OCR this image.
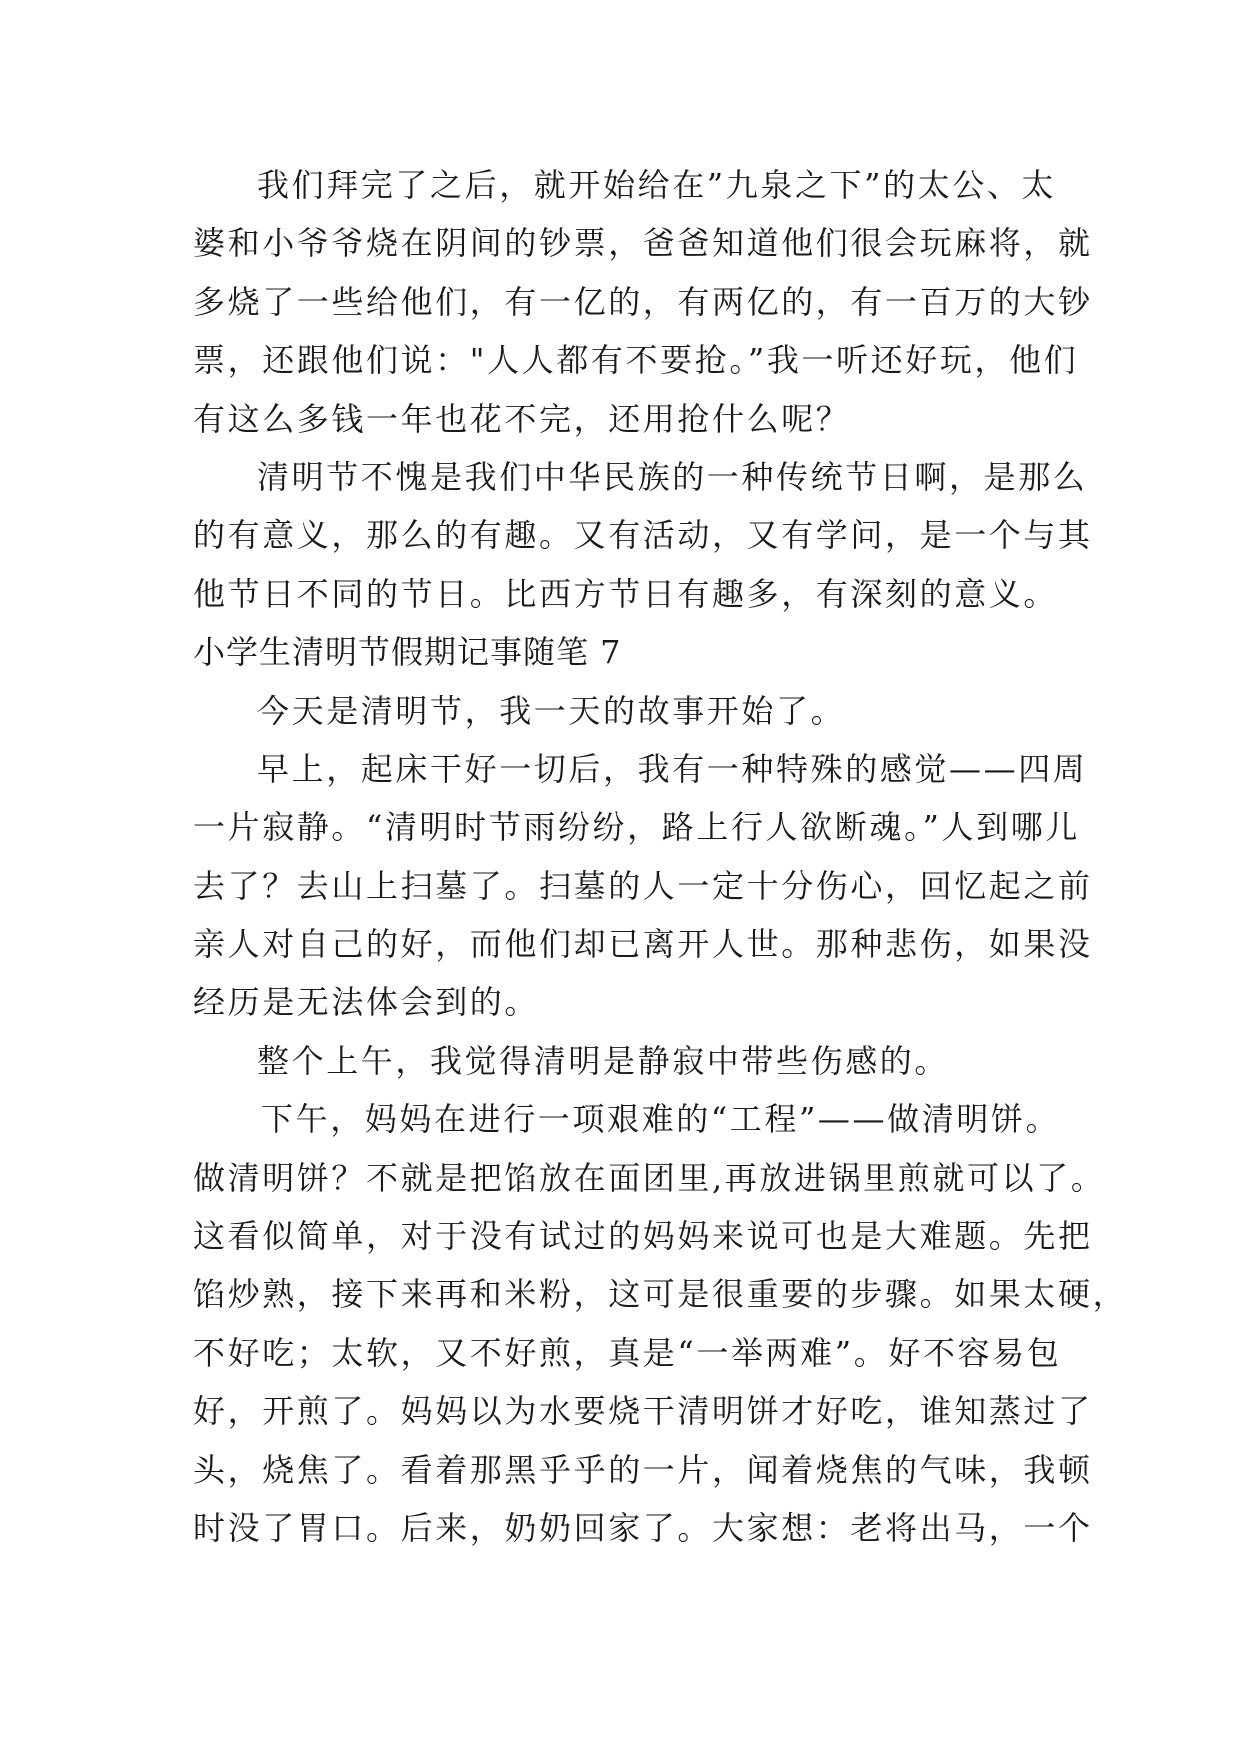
我们拜完了之后，就开始给在”九泉之下”的太公、太
婆和小爷爷烧在阴间的钞票，爸爸知道他们很会玩麻将，就
多烧了一些给他们，有一亿的，有两亿的，有一百万的大钞
票，还跟他们说："人人都有不要抢。”我一听还好玩，他们
有这么多钱一年也花不完，还用抢什么呢？
清明节不愧是我们中华民族的一种传统节日啊，是那么
的有意义，那么的有趣。又有活动，又有学问，是一个与其
他节日不同的节日。比西方节日有趣多，有深刻的意义。
小学生清明节假期记事随笔 7
今天是清明节，我一天的故事开始了。
早上，起床干好一切后，我有一种特殊的感觉——四周
一片寂静。“清明时节雨纷纷，路上行人欲断魂。”人到哪儿
去了？去山上扫墓了。扫墓的人一定十分伤心，回忆起之前
亲人对自己的好，而他们却已离开人世。那种悲伤，如果没
经历是无法体会到的。
整个上午，我觉得清明是静寂中带些伤感的。
下午，妈妈在进行一项艰难的“工程”——做清明饼。
做清明饼？不就是把馅放在面团里,再放进锅里煎就可以了。
这看似简单，对于没有试过的妈妈来说可也是大难题。先把
馅炒熟，接下来再和米粉，这可是很重要的步骤。如果太硬，
不好吃；太软，又不好煎，真是“一举两难”。好不容易包
好，开煎了。妈妈以为水要烧干清明饼才好吃，谁知蒸过了
头，烧焦了。看着那黑乎乎的一片，闻着烧焦的气味，我顿
时没了胃口。后来，奶奶回家了。大家想：老将出马，一个
